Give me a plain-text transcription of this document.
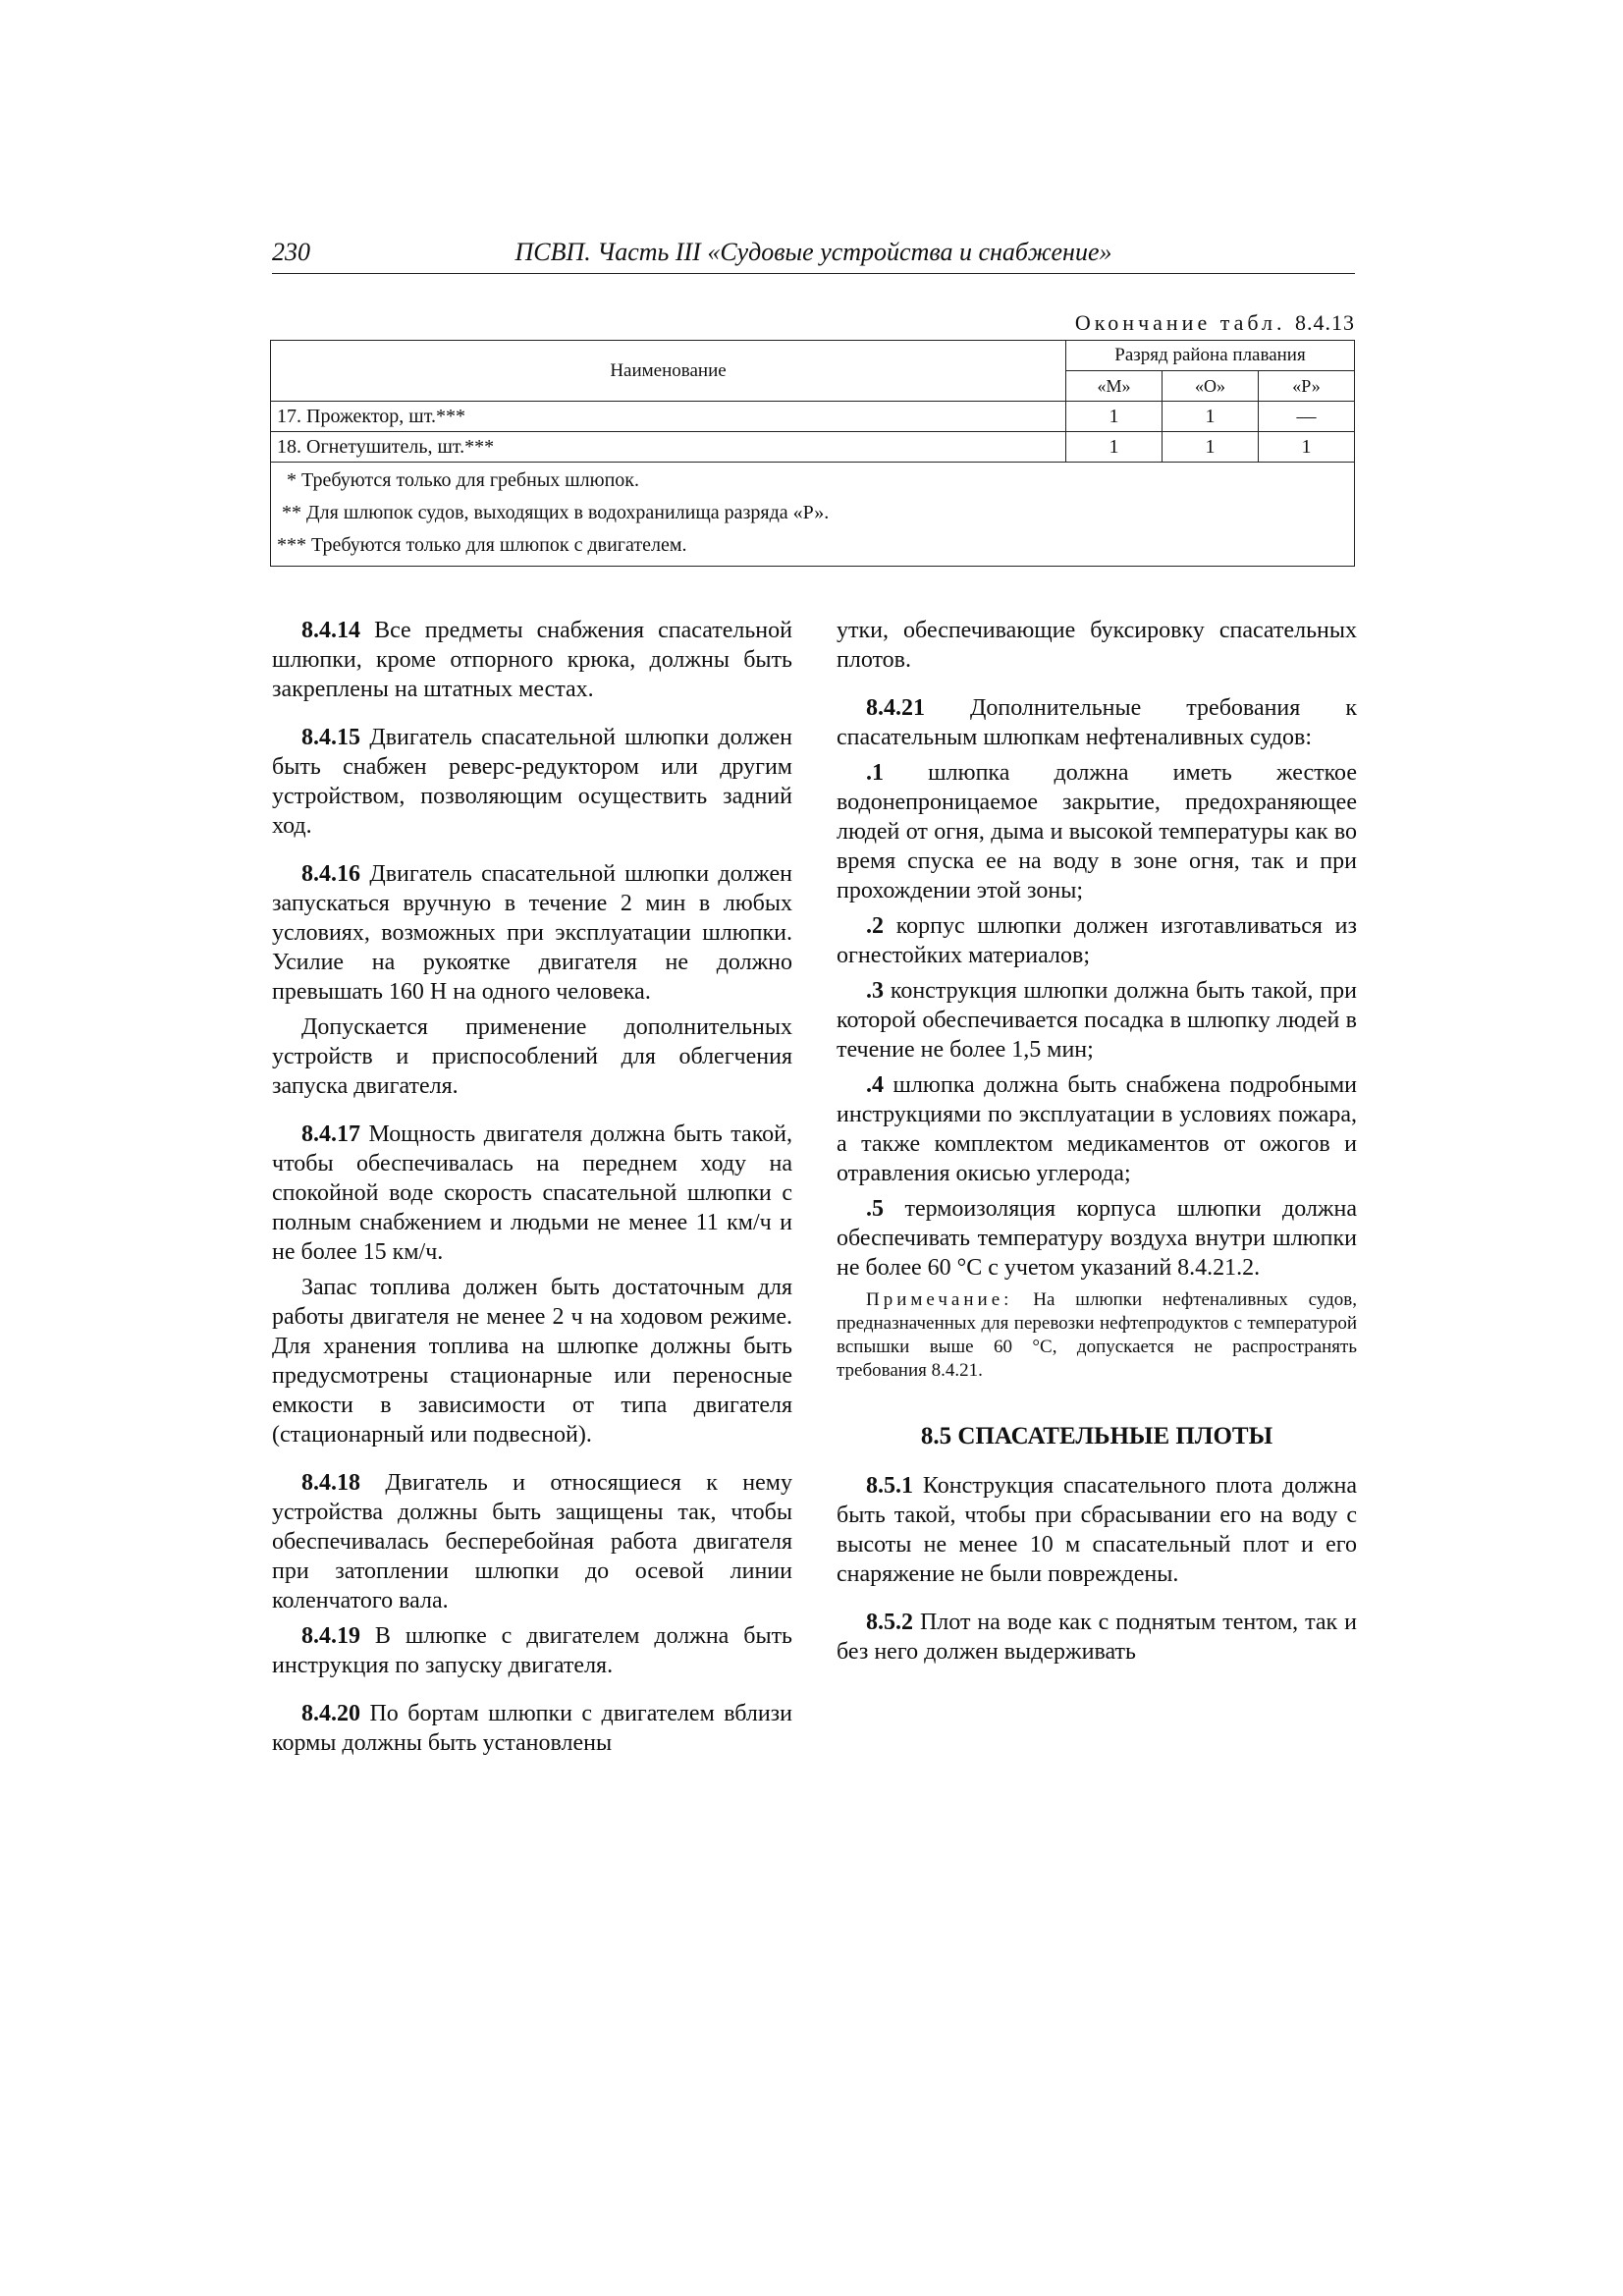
230	ПСВП. Часть III «Судовые устройства и снабжение»
Окончание табл. 8.4.13
Наименование	Разряд района плавания		
	«М»	«О»	«Р»
17. Прожектор, шт.***	1	1	—
18. Огнетушитель, шт.***	1	1	1

* Требуются только для гребных шлюпок.
** Для шлюпок судов, выходящих в водохранилища разряда «Р».
*** Требуются только для шлюпок с двигателем.			

8.4.14 Все предметы снабжения спасательной шлюпки, кроме отпорного крюка, должны быть закреплены на штатных местах.

8.4.15 Двигатель спасательной шлюпки должен быть снабжен реверс-редуктором или другим устройством, позволяющим осуществить задний ход.

8.4.16 Двигатель спасательной шлюпки должен запускаться вручную в течение 2 мин в любых условиях, возможных при эксплуатации шлюпки. Усилие на рукоятке двигателя не должно превышать 160 Н на одного человека.

Допускается применение дополнительных устройств и приспособлений для облегчения запуска двигателя.

8.4.17 Мощность двигателя должна быть такой, чтобы обеспечивалась на переднем ходу на спокойной воде скорость спасательной шлюпки с полным снабжением и людьми не менее 11 км/ч и не более 15 км/ч.

Запас топлива должен быть достаточным для работы двигателя не менее 2 ч на ходовом режиме. Для хранения топлива на шлюпке должны быть предусмотрены стационарные или переносные емкости в зависимости от типа двигателя (стационарный или подвесной).

8.4.18 Двигатель и относящиеся к нему устройства должны быть защищены так, чтобы обеспечивалась бесперебойная работа двигателя при затоплении шлюпки до осевой линии коленчатого вала.

8.4.19 В шлюпке с двигателем должна быть инструкция по запуску двигателя.

8.4.20 По бортам шлюпки с двигателем вблизи кормы должны быть установлены

утки, обеспечивающие буксировку спасательных плотов.

8.4.21 Дополнительные требования к спасательным шлюпкам нефтеналивных судов:

.1 шлюпка должна иметь жесткое водонепроницаемое закрытие, предохраняющее людей от огня, дыма и высокой температуры как во время спуска ее на воду в зоне огня, так и при прохождении этой зоны;

.2 корпус шлюпки должен изготавливаться из огнестойких материалов;

.3 конструкция шлюпки должна быть такой, при которой обеспечивается посадка в шлюпку людей в течение не более 1,5 мин;

.4 шлюпка должна быть снабжена подробными инструкциями по эксплуатации в условиях пожара, а также комплектом медикаментов от ожогов и отравления окисью углерода;

.5 термоизоляция корпуса шлюпки должна обеспечивать температуру воздуха внутри шлюпки не более 60 °С с учетом указаний 8.4.21.2.

Примечание: На шлюпки нефтеналивных судов, предназначенных для перевозки нефтепродуктов с температурой вспышки выше 60 °С, допускается не распространять требования 8.4.21.

8.5 СПАСАТЕЛЬНЫЕ ПЛОТЫ

8.5.1 Конструкция спасательного плота должна быть такой, чтобы при сбрасывании его на воду с высоты не менее 10 м спасательный плот и его снаряжение не были повреждены.

8.5.2 Плот на воде как с поднятым тентом, так и без него должен выдерживать
